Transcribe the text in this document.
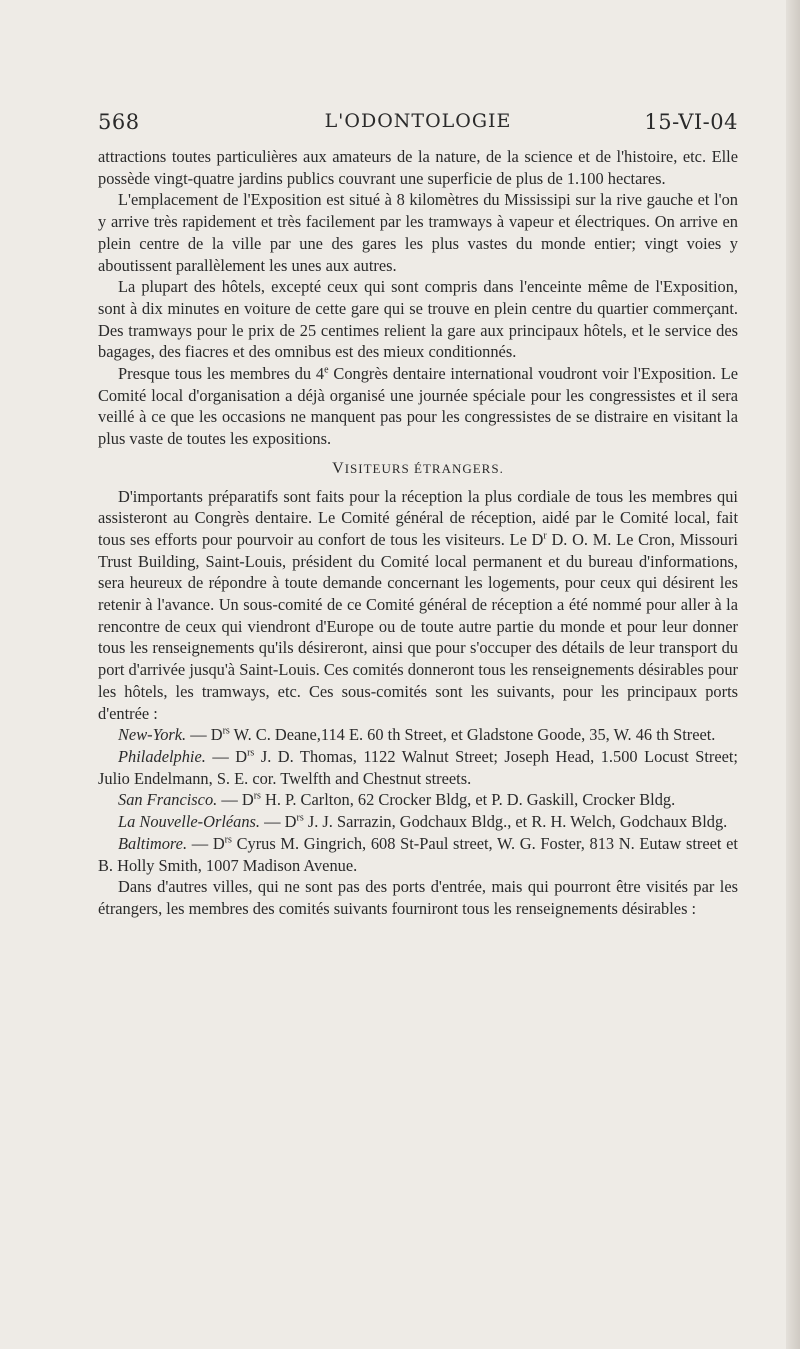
568	L'ODONTOLOGIE	15-VI-04

attractions toutes particulières aux amateurs de la nature, de la science et de l'histoire, etc. Elle possède vingt-quatre jardins publics couvrant une superficie de plus de 1.100 hectares.

L'emplacement de l'Exposition est situé à 8 kilomètres du Mississipi sur la rive gauche et l'on y arrive très rapidement et très facilement par les tramways à vapeur et électriques. On arrive en plein centre de la ville par une des gares les plus vastes du monde entier; vingt voies y aboutissent parallèlement les unes aux autres.

La plupart des hôtels, excepté ceux qui sont compris dans l'enceinte même de l'Exposition, sont à dix minutes en voiture de cette gare qui se trouve en plein centre du quartier commerçant. Des tramways pour le prix de 25 centimes relient la gare aux principaux hôtels, et le service des bagages, des fiacres et des omnibus est des mieux conditionnés.

Presque tous les membres du 4e Congrès dentaire international voudront voir l'Exposition. Le Comité local d'organisation a déjà organisé une journée spéciale pour les congressistes et il sera veillé à ce que les occasions ne manquent pas pour les congressistes de se distraire en visitant la plus vaste de toutes les expositions.

VISITEURS ÉTRANGERS.

D'importants préparatifs sont faits pour la réception la plus cordiale de tous les membres qui assisteront au Congrès dentaire. Le Comité général de réception, aidé par le Comité local, fait tous ses efforts pour pourvoir au confort de tous les visiteurs. Le $D^r$ D. O. M. Le Cron, Missouri Trust Building, Saint-Louis, président du Comité local permanent et du bureau d'informations, sera heureux de répondre à toute demande concernant les logements, pour ceux qui désirent les retenir à l'avance. Un sous-comité de ce Comité général de réception a été nommé pour aller à la rencontre de ceux qui viendront d'Europe ou de toute autre partie du monde et pour leur donner tous les renseignements qu'ils désireront, ainsi que pour s'occuper des détails de leur transport du port d'arrivée jusqu'à Saint-Louis. Ces comités donneront tous les renseignements désirables pour les hôtels, les tramways, etc. Ces sous-comités sont les suivants, pour les principaux ports d'entrée :

New-York. — $D^{rs}$ W. C. Deane,114 E. 60 th Street, et Gladstone Goode, 35, W. 46 th Street.

Philadelphie. — $D^{rs}$ J. D. Thomas, 1122 Walnut Street; Joseph Head, 1.500 Locust Street; Julio Endelmann, S. E. cor. Twelfth and Chestnut streets.

San Francisco. — $D^{rs}$ H. P. Carlton, 62 Crocker Bldg, et P. D. Gaskill, Crocker Bldg.

La Nouvelle-Orléans. — $D^{rs}$ J. J. Sarrazin, Godchaux Bldg., et R. H. Welch, Godchaux Bldg.

Baltimore. — $D^{rs}$ Cyrus M. Gingrich, 608 St-Paul street, W. G. Foster, 813 N. Eutaw street et B. Holly Smith, 1007 Madison Avenue.

Dans d'autres villes, qui ne sont pas des ports d'entrée, mais qui pourront être visités par les étrangers, les membres des comités suivants fourniront tous les renseignements désirables :
